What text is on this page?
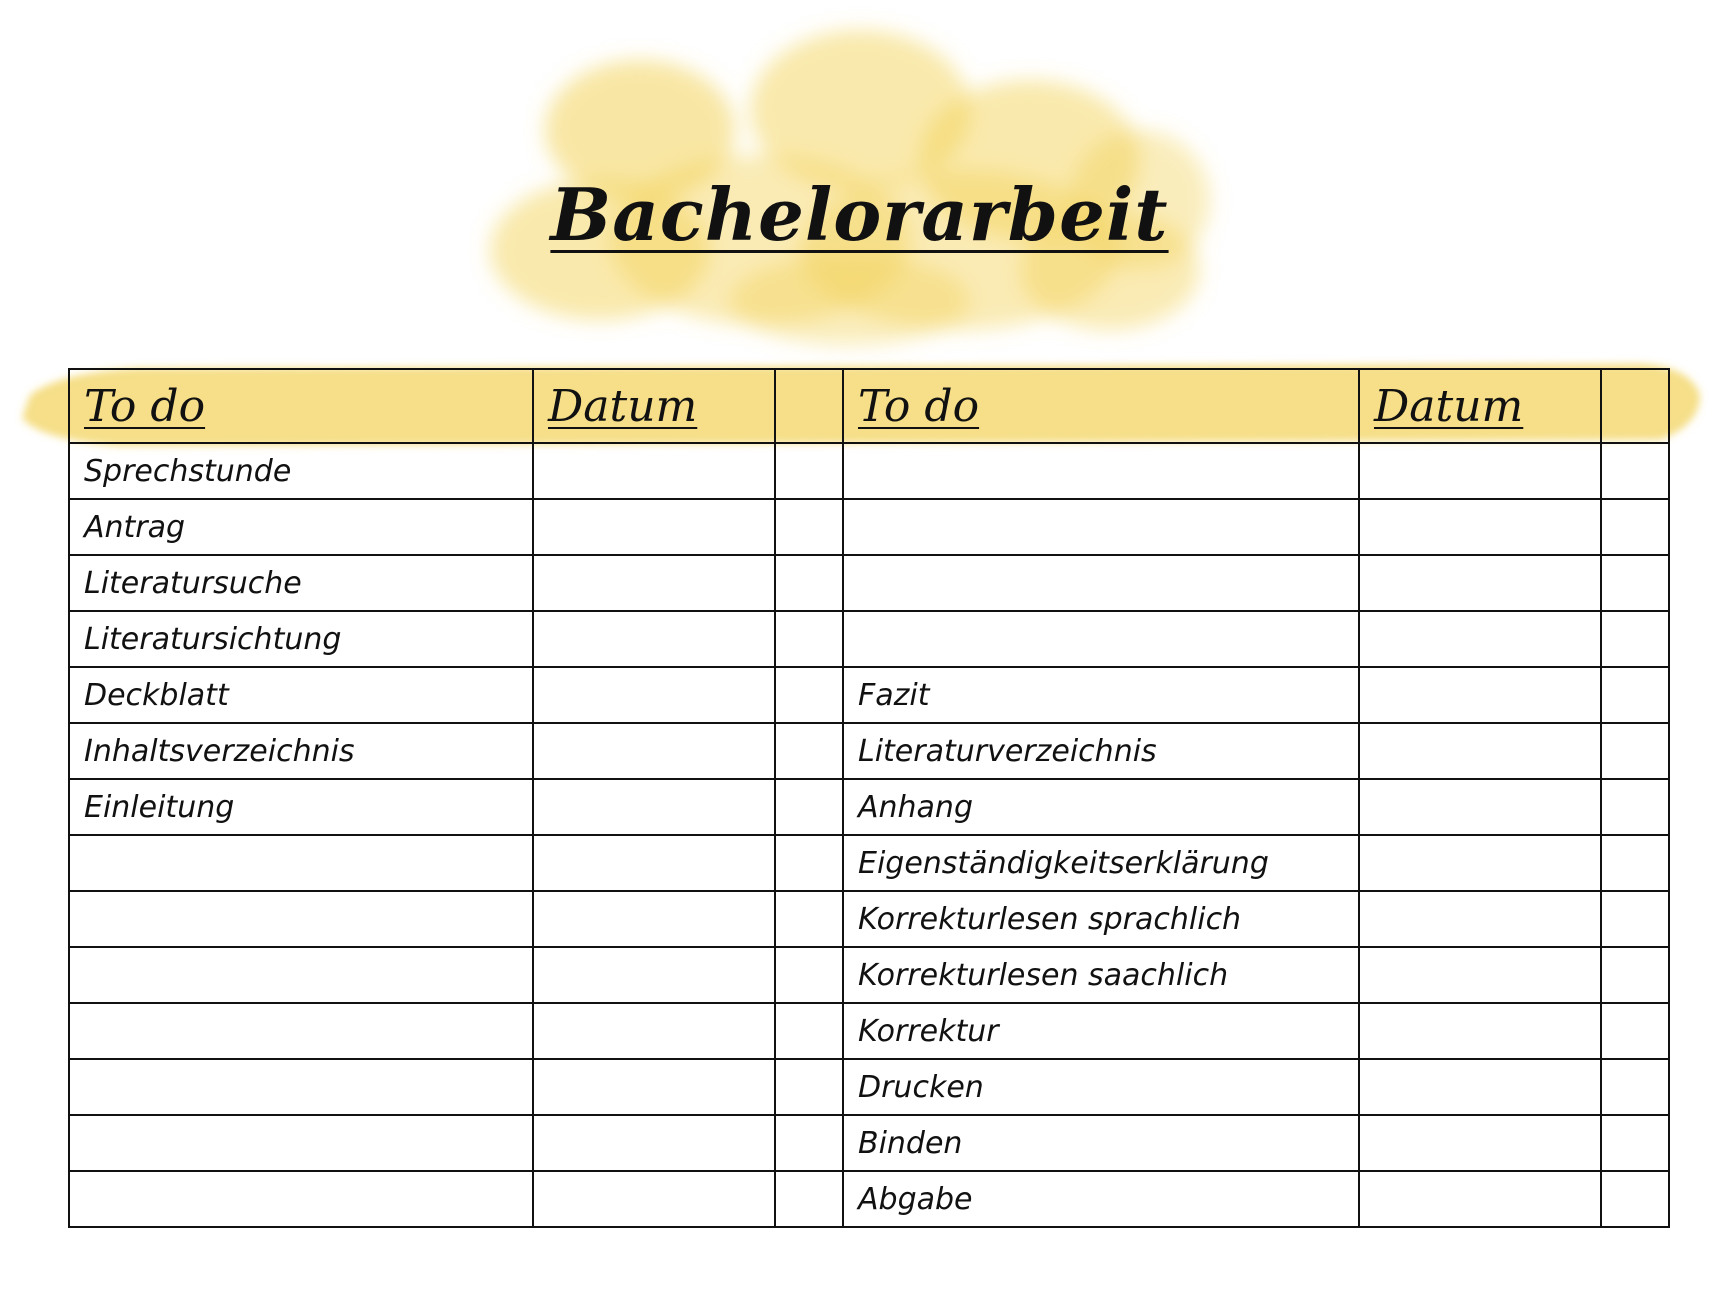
Bachelorarbeit
To do	Datum		To do	Datum	
Sprechstunde					
Antrag					
Literatursuche					
Literatursichtung					
Deckblatt			Fazit		
Inhaltsverzeichnis			Literaturverzeichnis		
Einleitung			Anhang		
			Eigenständigkeitserklärung		
			Korrekturlesen sprachlich		
			Korrekturlesen saachlich		
			Korrektur		
			Drucken		
			Binden		
			Abgabe		
